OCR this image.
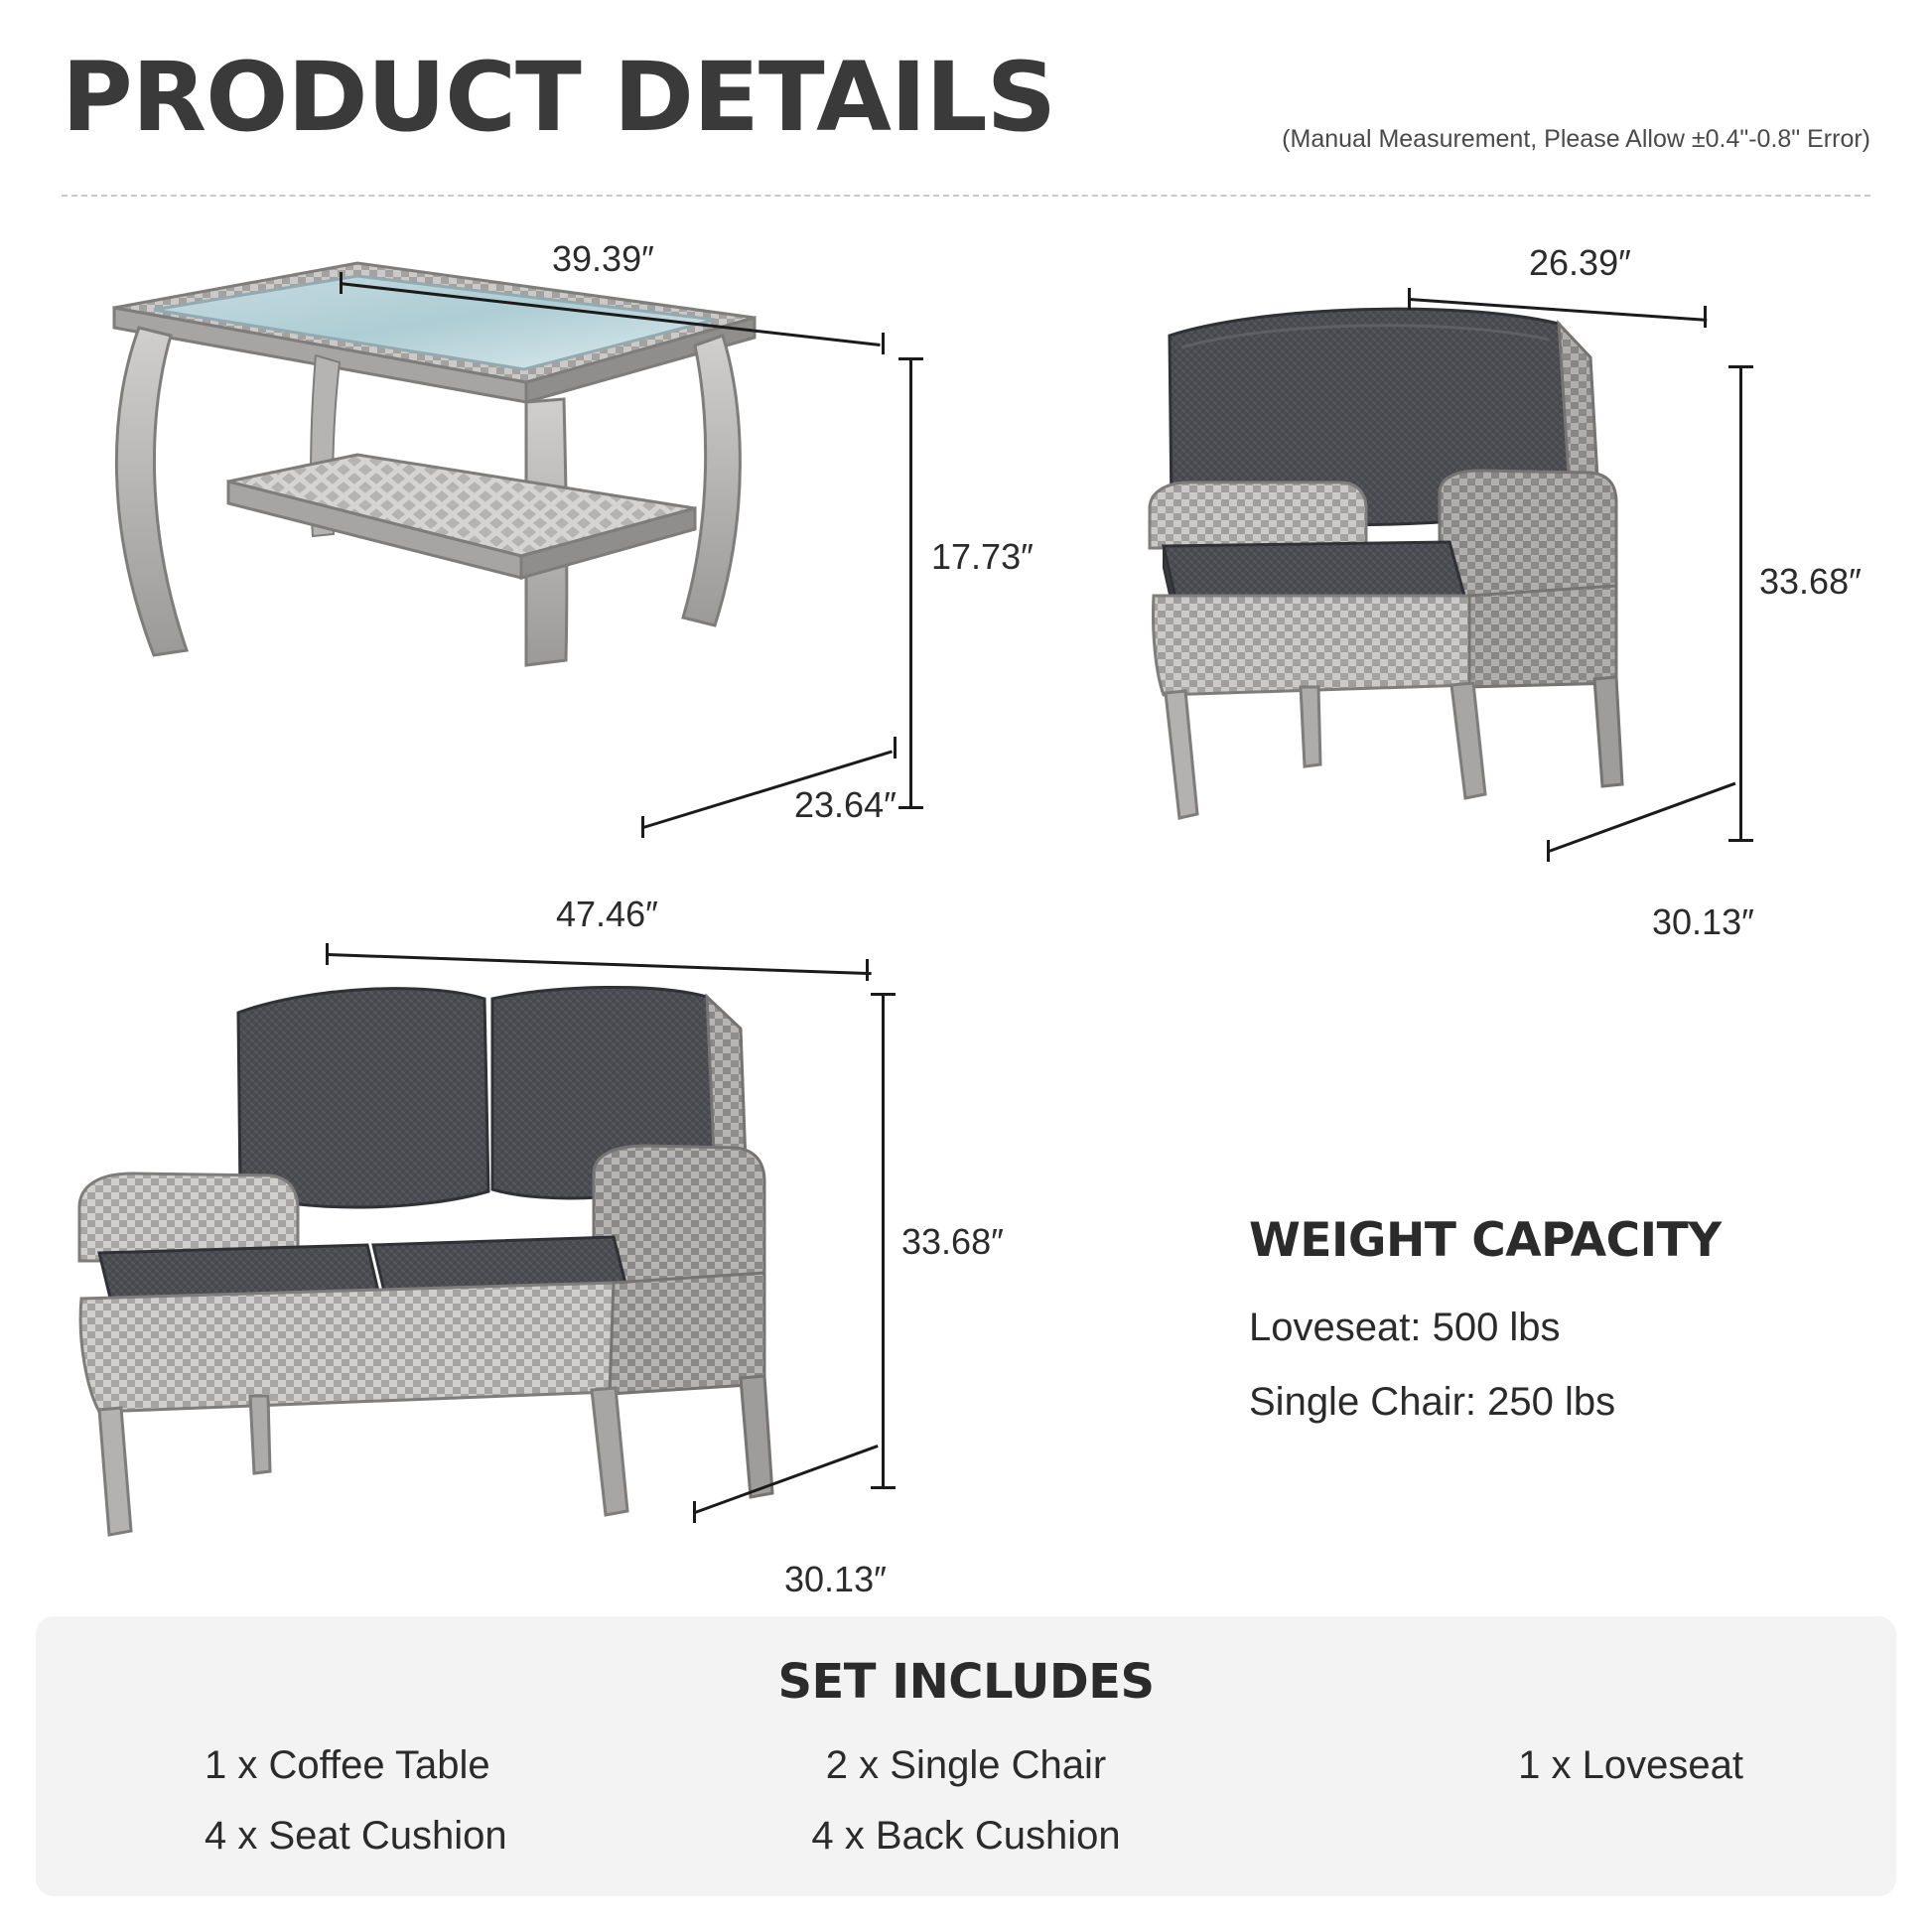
PRODUCT DETAILS	(Manual Measurement, Please Allow ±0.4"-0.8" Error)
39.39″
17.73″
23.64″
26.39″
33.68″
30.13″
47.46″
33.68″
30.13″
WEIGHT CAPACITY
Loveseat: 500 lbs
Single Chair: 250 lbs
SET INCLUDES
1 x Coffee Table	2 x Single Chair	1 x Loveseat
4 x Seat Cushion	4 x Back Cushion
